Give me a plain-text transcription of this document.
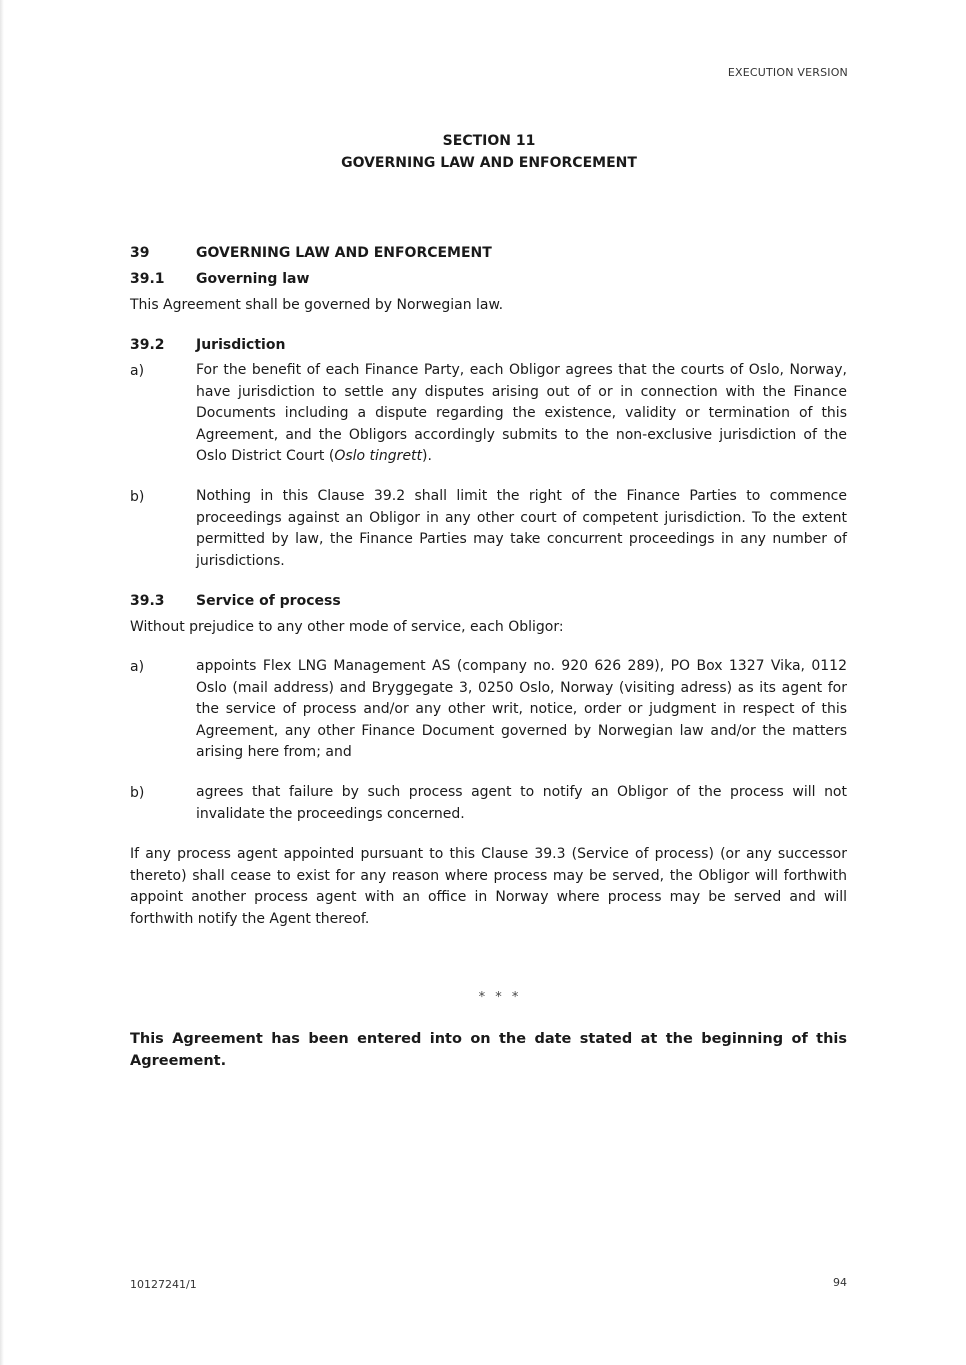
EXECUTION VERSION
SECTION 11
GOVERNING LAW AND ENFORCEMENT
39	GOVERNING LAW AND ENFORCEMENT
39.1 Governing law
This Agreement shall be governed by Norwegian law.
39.2 Jurisdiction
a)	For the benefit of each Finance Party, each Obligor agrees that the courts of Oslo, Norway, have jurisdiction to settle any disputes arising out of or in connection with the Finance Documents including a dispute regarding the existence, validity or termination of this Agreement, and the Obligors accordingly submits to the non-exclusive jurisdiction of the Oslo District Court (Oslo tingrett).
b)	Nothing in this Clause 39.2 shall limit the right of the Finance Parties to commence proceedings against an Obligor in any other court of competent jurisdiction. To the extent permitted by law, the Finance Parties may take concurrent proceedings in any number of jurisdictions.
39.3 Service of process
Without prejudice to any other mode of service, each Obligor:
a)	appoints Flex LNG Management AS (company no. 920 626 289), PO Box 1327 Vika, 0112 Oslo (mail address) and Bryggegate 3, 0250 Oslo, Norway (visiting adress) as its agent for the service of process and/or any other writ, notice, order or judgment in respect of this Agreement, any other Finance Document governed by Norwegian law and/or the matters arising here from; and
b)	agrees that failure by such process agent to notify an Obligor of the process will not invalidate the proceedings concerned.
If any process agent appointed pursuant to this Clause 39.3 (Service of process) (or any successor thereto) shall cease to exist for any reason where process may be served, the Obligor will forthwith appoint another process agent with an office in Norway where process may be served and will forthwith notify the Agent thereof.
* * *
This Agreement has been entered into on the date stated at the beginning of this Agreement.
10127241/1	94
